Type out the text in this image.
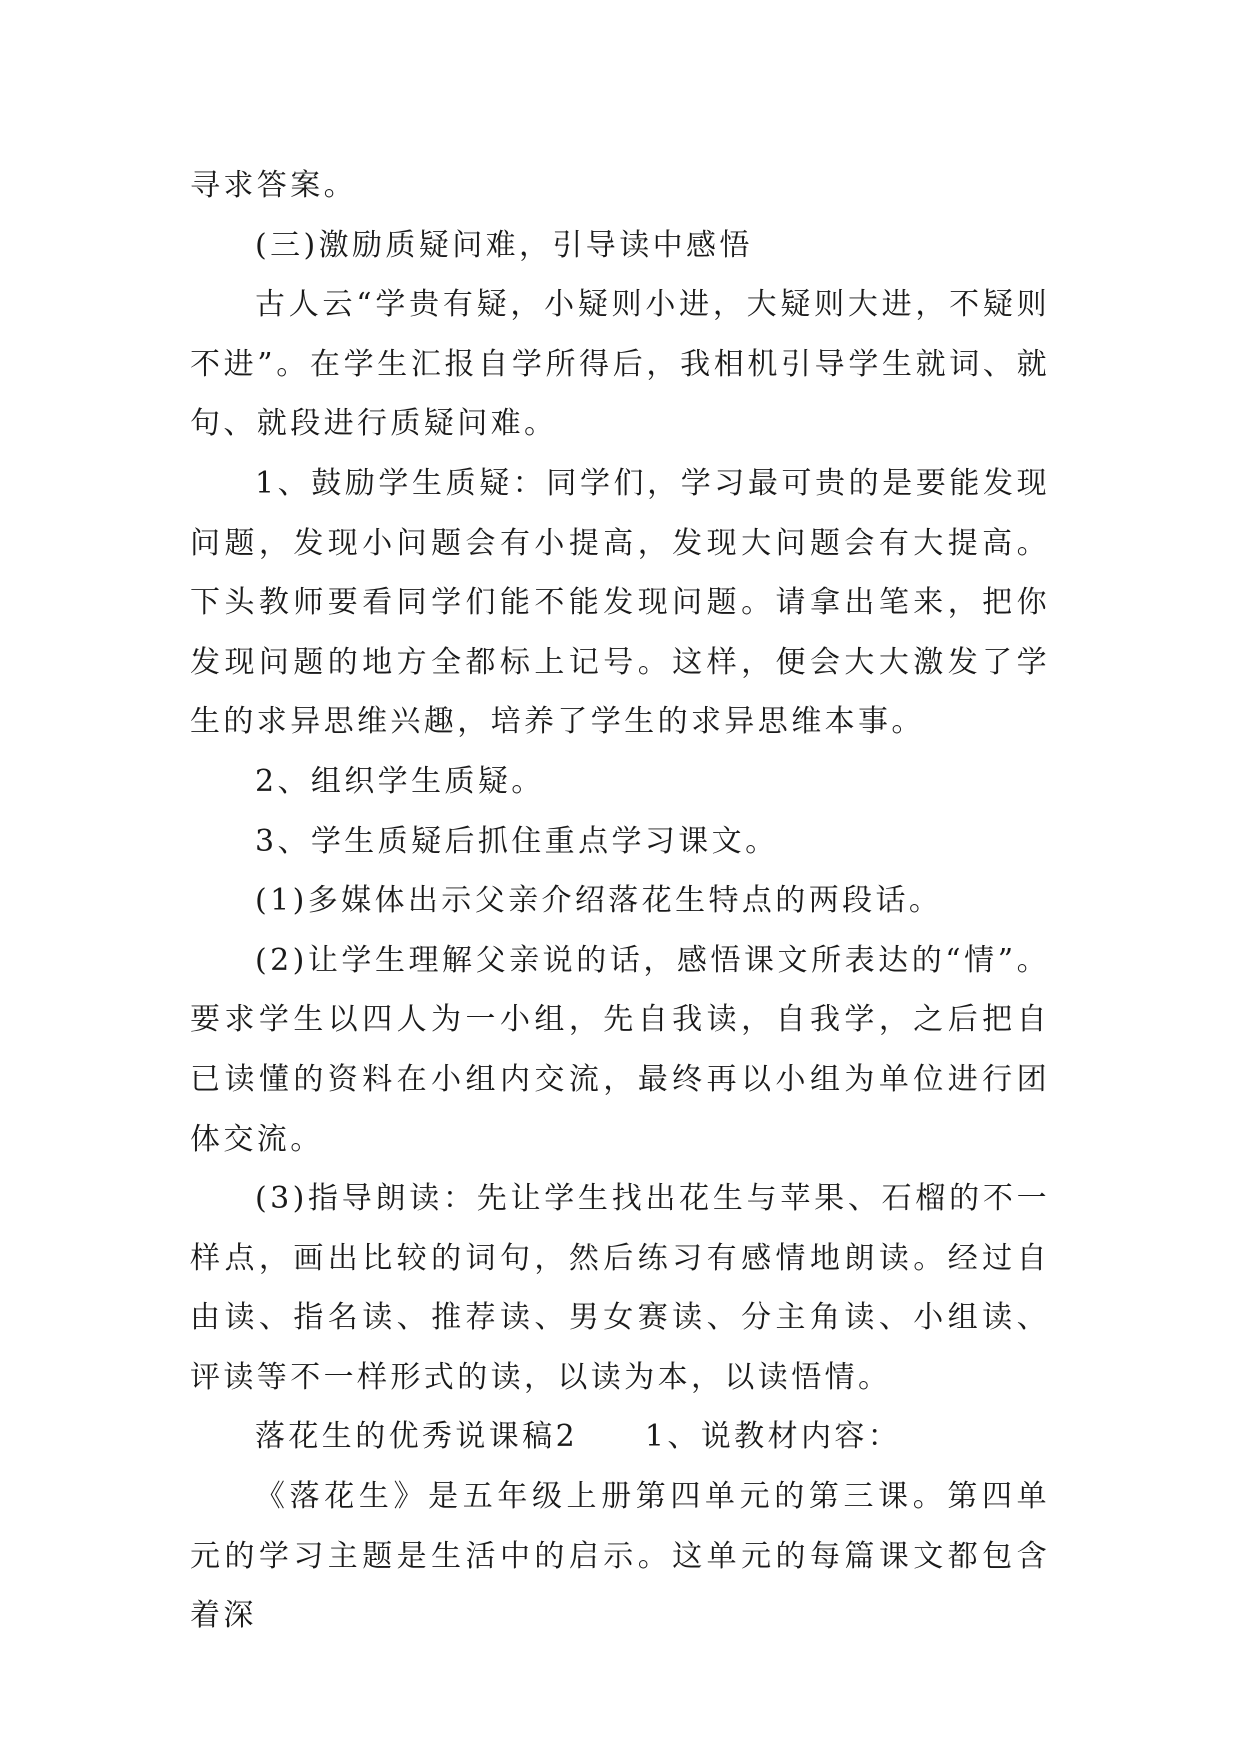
寻求答案。

(三)激励质疑问难，引导读中感悟

古人云“学贵有疑，小疑则小进，大疑则大进，不疑则不进”。在学生汇报自学所得后，我相机引导学生就词、就句、就段进行质疑问难。

1、鼓励学生质疑：同学们，学习最可贵的是要能发现问题，发现小问题会有小提高，发现大问题会有大提高。下头教师要看同学们能不能发现问题。请拿出笔来，把你发现问题的地方全都标上记号。这样，便会大大激发了学生的求异思维兴趣，培养了学生的求异思维本事。

2、组织学生质疑。

3、学生质疑后抓住重点学习课文。

(1)多媒体出示父亲介绍落花生特点的两段话。

(2)让学生理解父亲说的话，感悟课文所表达的“情”。要求学生以四人为一小组，先自我读，自我学，之后把自已读懂的资料在小组内交流，最终再以小组为单位进行团体交流。

(3)指导朗读：先让学生找出花生与苹果、石榴的不一样点，画出比较的词句，然后练习有感情地朗读。经过自由读、指名读、推荐读、男女赛读、分主角读、小组读、评读等不一样形式的读，以读为本，以读悟情。

落花生的优秀说课稿2　　1、说教材内容：

《落花生》是五年级上册第四单元的第三课。第四单元的学习主题是生活中的启示。这单元的每篇课文都包含着深
